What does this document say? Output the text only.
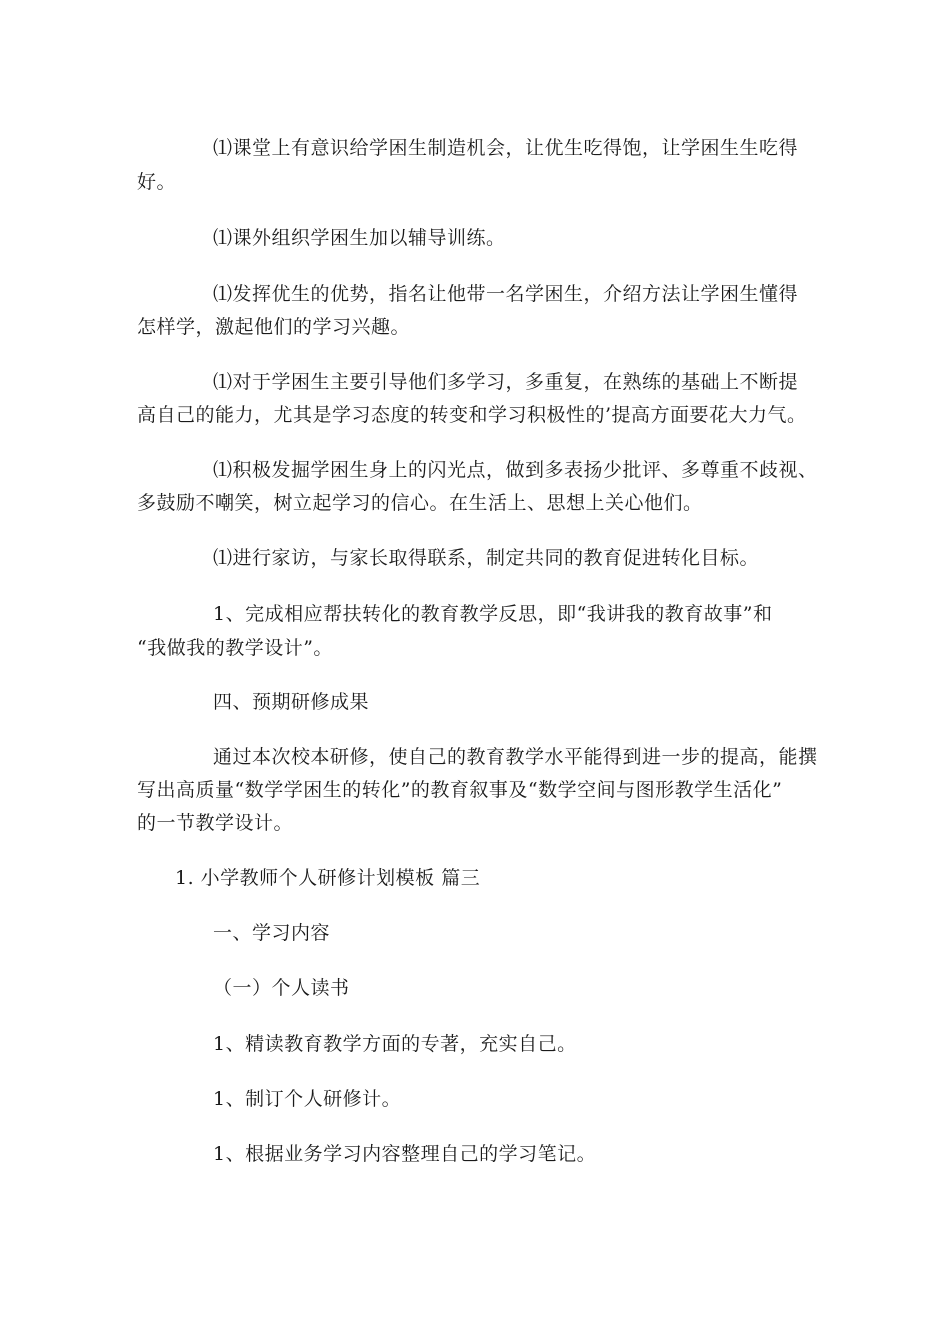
⑴课堂上有意识给学困生制造机会，让优生吃得饱，让学困生生吃得
好。
⑴课外组织学困生加以辅导训练。
⑴发挥优生的优势，指名让他带一名学困生，介绍方法让学困生懂得
怎样学，激起他们的学习兴趣。
⑴对于学困生主要引导他们多学习，多重复，在熟练的基础上不断提
高自己的能力，尤其是学习态度的转变和学习积极性的’提高方面要花大力气。
⑴积极发掘学困生身上的闪光点，做到多表扬少批评、多尊重不歧视、
多鼓励不嘲笑，树立起学习的信心。在生活上、思想上关心他们。
⑴进行家访，与家长取得联系，制定共同的教育促进转化目标。
1、完成相应帮扶转化的教育教学反思，即“我讲我的教育故事”和
“我做我的教学设计”。
四、预期研修成果
通过本次校本研修，使自己的教育教学水平能得到进一步的提高，能撰
写出高质量“数学学困生的转化”的教育叙事及“数学空间与图形教学生活化”
的一节教学设计。
1. 小学教师个人研修计划模板 篇三
一、学习内容
（一）个人读书
1、精读教育教学方面的专著，充实自己。
1、制订个人研修计。
1、根据业务学习内容整理自己的学习笔记。
